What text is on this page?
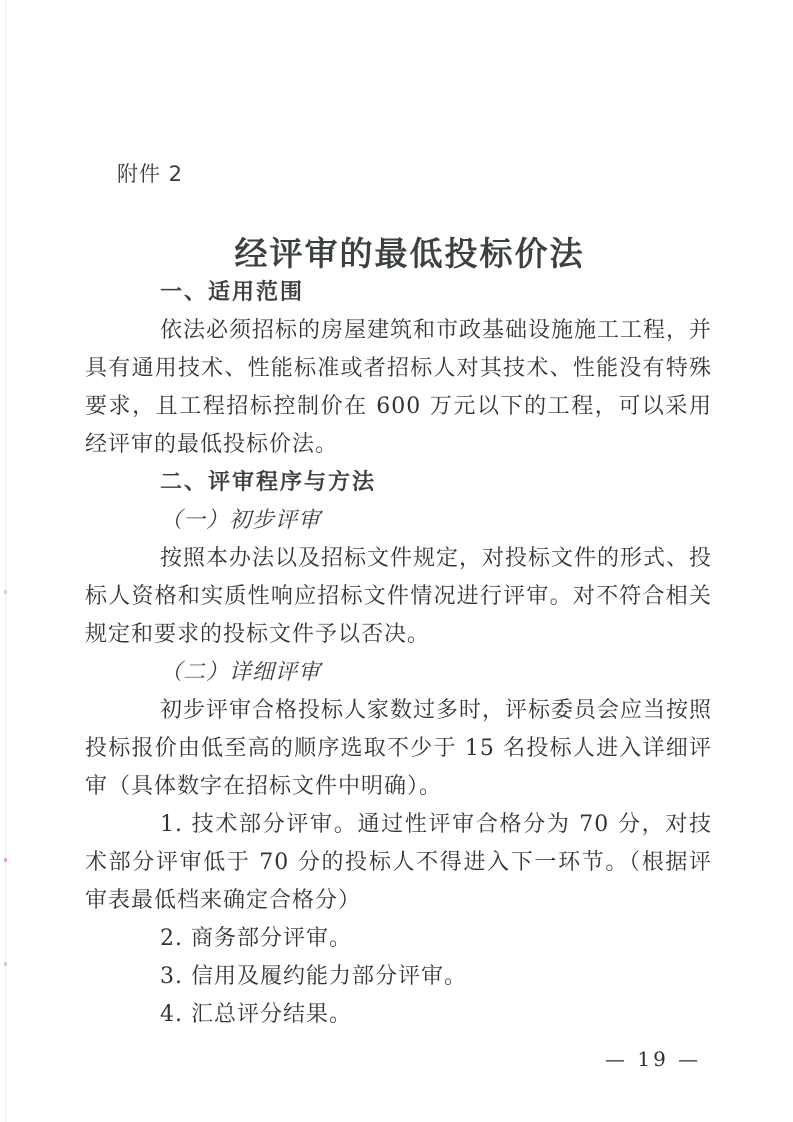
附件 2
经评审的最低投标价法
一、适用范围

依法必须招标的房屋建筑和市政基础设施施工工程，并具有通用技术、性能标准或者招标人对其技术、性能没有特殊要求，且工程招标控制价在 600 万元以下的工程，可以采用经评审的最低投标价法。

二、评审程序与方法
（一）初步评审

按照本办法以及招标文件规定，对投标文件的形式、投标人资格和实质性响应招标文件情况进行评审。对不符合相关规定和要求的投标文件予以否决。

（二）详细评审

初步评审合格投标人家数过多时，评标委员会应当按照投标报价由低至高的顺序选取不少于 15 名投标人进入详细评审（具体数字在招标文件中明确）。

1. 技术部分评审。通过性评审合格分为 70 分，对技术部分评审低于 70 分的投标人不得进入下一环节。（根据评审表最低档来确定合格分）

2. 商务部分评审。

3. 信用及履约能力部分评审。

4. 汇总评分结果。

— 19 —
